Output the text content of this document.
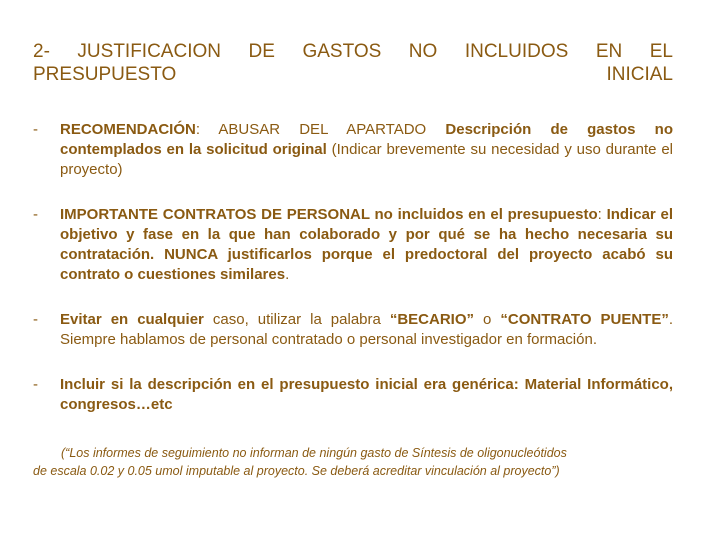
2- JUSTIFICACION DE GASTOS NO INCLUIDOS EN EL
PRESUPUESTO	INICIAL
-	RECOMENDACIÓN: ABUSAR DEL APARTADO Descripción de gastos no contemplados en la solicitud original (Indicar brevemente su necesidad y uso durante el proyecto)
-	IMPORTANTE CONTRATOS DE PERSONAL no incluidos en el presupuesto: Indicar el objetivo y fase en la que han colaborado y por qué se ha hecho necesaria su contratación. NUNCA justificarlos porque el predoctoral del proyecto acabó su contrato o cuestiones similares.
-	Evitar en cualquier caso, utilizar la palabra “BECARIO” o “CONTRATO PUENTE”. Siempre hablamos de personal contratado o personal investigador en formación.
-	Incluir si la descripción en el presupuesto inicial era genérica: Material Informático, congresos…etc
(“Los informes de seguimiento no informan de ningún gasto de Síntesis de oligonucleótidos
de escala 0.02 y 0.05 umol imputable al proyecto. Se deberá acreditar vinculación al proyecto”)
